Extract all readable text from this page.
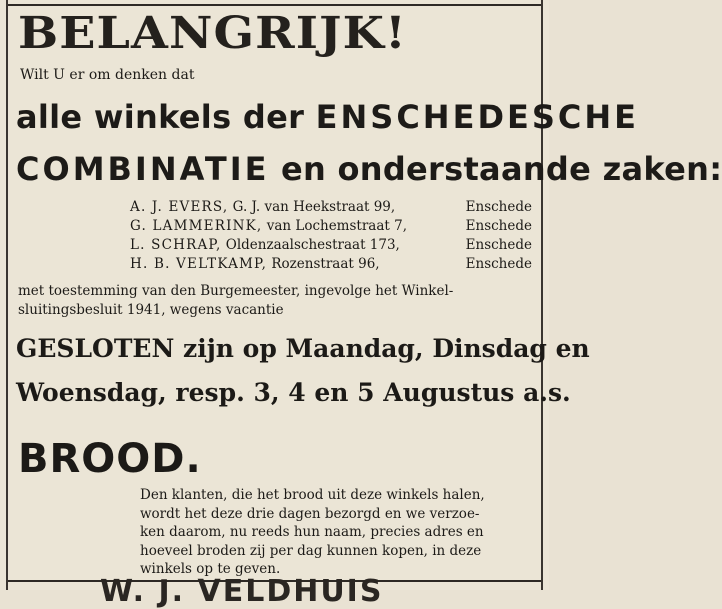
BELANGRIJK!
Wilt U er om denken dat
alle winkels der ENSCHEDESCHE
COMBINATIE en onderstaande zaken:
A. J. EVERS, G. J. van Heekstraat 99,	Enschede
G. LAMMERINK, van Lochemstraat 7,	Enschede
L. SCHRAP, Oldenzaalschestraat 173,	Enschede
H. B. VELTKAMP, Rozenstraat 96,	Enschede
met toestemming van den Burgemeester, ingevolge het Winkel-
sluitingsbesluit 1941, wegens vacantie
GESLOTEN zijn op Maandag, Dinsdag en
Woensdag, resp. 3, 4 en 5 Augustus a.s.
BROOD.
Den klanten, die het brood uit deze winkels halen,
wordt het deze drie dagen bezorgd en we verzoe-
ken daarom, nu reeds hun naam, precies adres en
hoeveel broden zij per dag kunnen kopen, in deze
winkels op te geven.
W. J. VELDHUIS
